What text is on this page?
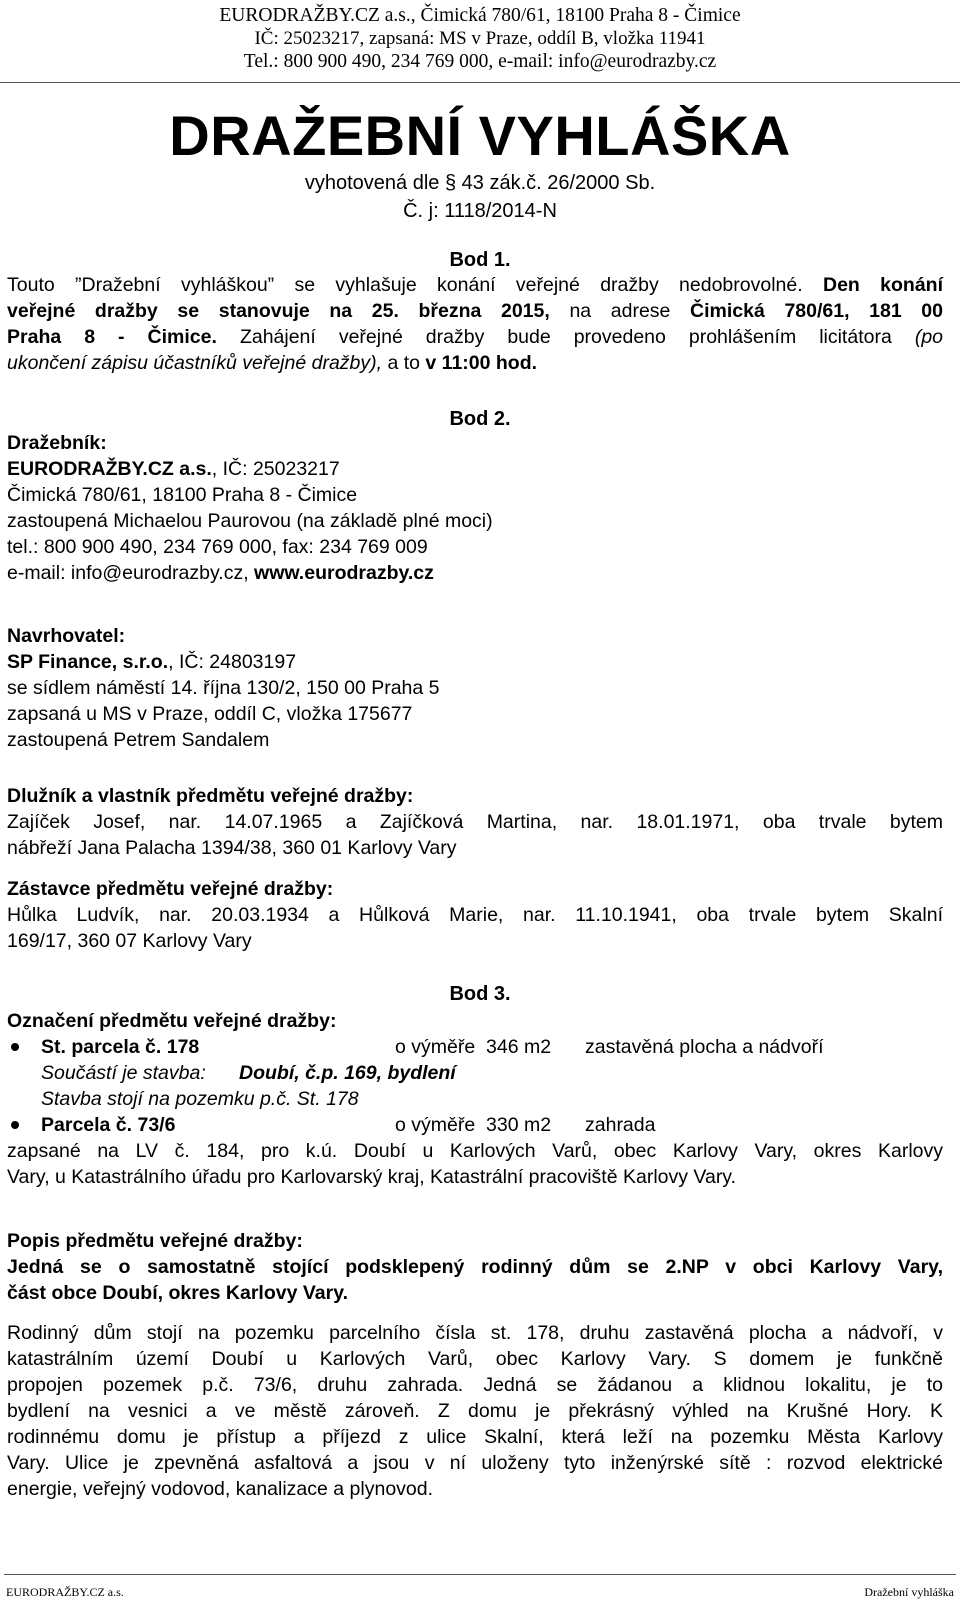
EURODRAŽBY.CZ a.s., Čimická 780/61, 18100 Praha 8 - Čimice
IČ: 25023217, zapsaná: MS v Praze, oddíl B, vložka 11941
Tel.: 800 900 490, 234 769 000, e-mail: info@eurodrazby.cz
DRAŽEBNÍ VYHLÁŠKA
vyhotovená dle § 43 zák.č. 26/2000 Sb.
Č. j: 1118/2014-N
Bod 1.
Touto ”Dražební vyhláškou” se vyhlašuje konání veřejné dražby nedobrovolné. Den konání
veřejné dražby se stanovuje na 25. března 2015, na adrese Čimická 780/61, 181 00
Praha 8 - Čimice. Zahájení veřejné dražby bude provedeno prohlášením licitátora (po
ukončení zápisu účastníků veřejné dražby), a to v 11:00 hod.
Bod 2.
Dražebník:
EURODRAŽBY.CZ a.s., IČ: 25023217
Čimická 780/61, 18100 Praha 8 - Čimice
zastoupená Michaelou Paurovou (na základě plné moci)
tel.: 800 900 490, 234 769 000, fax: 234 769 009
e-mail: info@eurodrazby.cz, www.eurodrazby.cz
Navrhovatel:
SP Finance, s.r.o., IČ: 24803197
se sídlem náměstí 14. října 130/2, 150 00 Praha 5
zapsaná u MS v Praze, oddíl C, vložka 175677
zastoupená Petrem Sandalem
Dlužník a vlastník předmětu veřejné dražby:
Zajíček Josef, nar. 14.07.1965 a Zajíčková Martina, nar. 18.01.1971, oba trvale bytem
nábřeží Jana Palacha 1394/38, 360 01 Karlovy Vary
Zástavce předmětu veřejné dražby:
Hůlka Ludvík, nar. 20.03.1934 a Hůlková Marie, nar. 11.10.1941, oba trvale bytem Skalní
169/17, 360 07 Karlovy Vary
Bod 3.
Označení předmětu veřejné dražby:
St. parcela č. 178	o výměře  346 m2 zastavěná plocha a nádvoří
Součástí je stavba: Doubí, č.p. 169, bydlení
Stavba stojí na pozemku p.č. St. 178
Parcela č. 73/6	o výměře  330 m2 zahrada
zapsané na LV č. 184, pro k.ú. Doubí u Karlových Varů, obec Karlovy Vary, okres Karlovy
Vary, u Katastrálního úřadu pro Karlovarský kraj, Katastrální pracoviště Karlovy Vary.
Popis předmětu veřejné dražby:
Jedná se o samostatně stojící podsklepený rodinný dům se 2.NP v obci Karlovy Vary,
část obce Doubí, okres Karlovy Vary.
Rodinný dům stojí na pozemku parcelního čísla st. 178, druhu zastavěná plocha a nádvoří, v
katastrálním území Doubí u Karlových Varů, obec Karlovy Vary. S domem je funkčně
propojen pozemek p.č. 73/6, druhu zahrada. Jedná se žádanou a klidnou lokalitu, je to
bydlení na vesnici a ve městě zároveň. Z domu je překrásný výhled na Krušné Hory. K
rodinnému domu je přístup a příjezd z ulice Skalní, která leží na pozemku Města Karlovy
Vary. Ulice je zpevněná asfaltová a jsou v ní uloženy tyto inženýrské sítě : rozvod elektrické
energie, veřejný vodovod, kanalizace a plynovod.
EURODRAŽBY.CZ a.s.	Dražební vyhláška
